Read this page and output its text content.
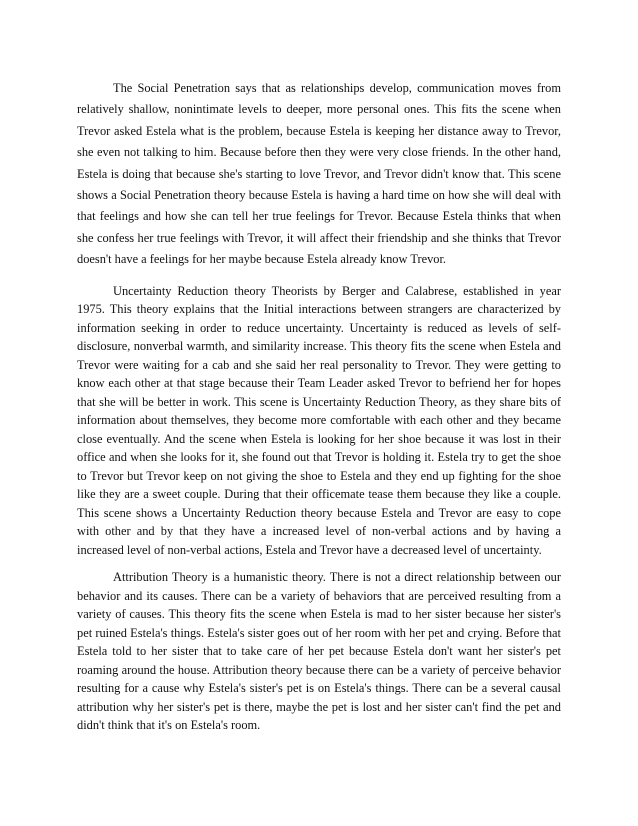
The Social Penetration says that as relationships develop, communication moves from relatively shallow, nonintimate levels to deeper, more personal ones. This fits the scene when Trevor asked Estela what is the problem, because Estela is keeping her distance away to Trevor, she even not talking to him. Because before then they were very close friends. In the other hand, Estela is doing that because she's starting to love Trevor, and Trevor didn't know that. This scene shows a Social Penetration theory because Estela is having a hard time on how she will deal with that feelings and how she can tell her true feelings for Trevor. Because Estela thinks that when she confess her true feelings with Trevor, it will affect their friendship and she thinks that Trevor doesn't have a feelings for her maybe because Estela already know Trevor.

Uncertainty Reduction theory Theorists by Berger and Calabrese, established in year 1975. This theory explains that the Initial interactions between strangers are characterized by information seeking in order to reduce uncertainty. Uncertainty is reduced as levels of self-disclosure, nonverbal warmth, and similarity increase. This theory fits the scene when Estela and Trevor were waiting for a cab and she said her real personality to Trevor. They were getting to know each other at that stage because their Team Leader asked Trevor to befriend her for hopes that she will be better in work. This scene is Uncertainty Reduction Theory, as they share bits of information about themselves, they become more comfortable with each other and they became close eventually. And the scene when Estela is looking for her shoe because it was lost in their office and when she looks for it, she found out that Trevor is holding it. Estela try to get the shoe to Trevor but Trevor keep on not giving the shoe to Estela and they end up fighting for the shoe like they are a sweet couple. During that their officemate tease them because they like a couple. This scene shows a Uncertainty Reduction theory because Estela and Trevor are easy to cope with other and by that they have a increased level of non-verbal actions and by having a increased level of non-verbal actions, Estela and Trevor have a decreased level of uncertainty.

Attribution Theory is a humanistic theory. There is not a direct relationship between our behavior and its causes. There can be a variety of behaviors that are perceived resulting from a variety of causes. This theory fits the scene when Estela is mad to her sister because her sister's pet ruined Estela's things. Estela's sister goes out of her room with her pet and crying. Before that Estela told to her sister that to take care of her pet because Estela don't want her sister's pet roaming around the house. Attribution theory because there can be a variety of perceive behavior resulting for a cause why Estela's sister's pet is on Estela's things. There can be a several causal attribution why her sister's pet is there, maybe the pet is lost and her sister can't find the pet and didn't think that it's on Estela's room.
